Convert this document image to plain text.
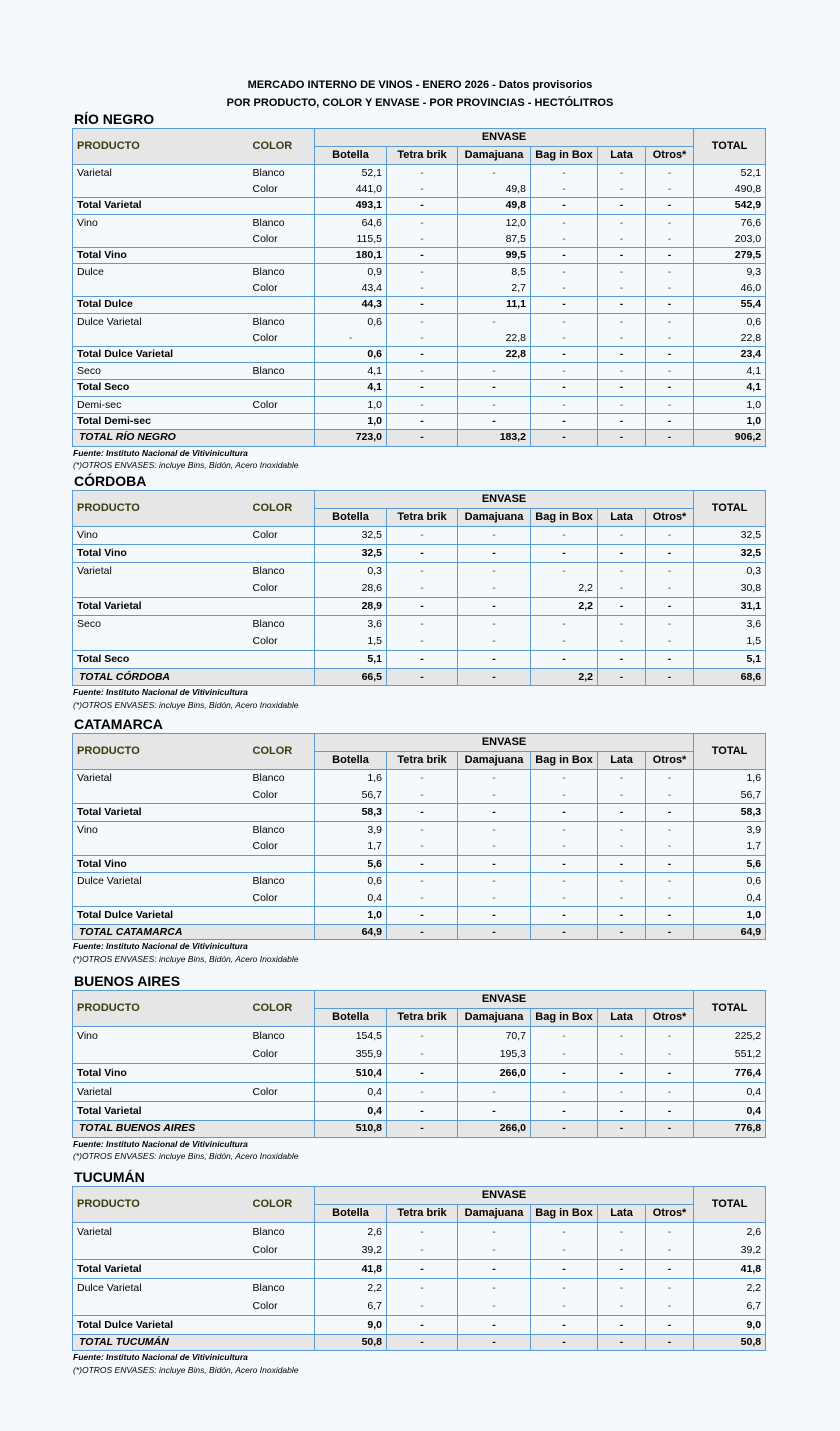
MERCADO INTERNO DE VINOS - ENERO 2026 - Datos provisorios
POR PRODUCTO, COLOR Y ENVASE - POR PROVINCIAS - HECTÓLITROS
RÍO NEGRO
PRODUCTO	COLOR	ENVASE						TOTAL
		Botella	Tetra brik	Damajuana	Bag in Box	Lata	Otros*	
Varietal	Blanco	52,1	-	-	-	-	-	52,1
	Color	441,0	-	49,8	-	-	-	490,8
Total Varietal		493,1	-	49,8	-	-	-	542,9
Vino	Blanco	64,6	-	12,0	-	-	-	76,6
	Color	115,5	-	87,5	-	-	-	203,0
Total Vino		180,1	-	99,5	-	-	-	279,5
Dulce	Blanco	0,9	-	8,5	-	-	-	9,3
	Color	43,4	-	2,7	-	-	-	46,0
Total Dulce		44,3	-	11,1	-	-	-	55,4
Dulce Varietal	Blanco	0,6	-	-	-	-	-	0,6
	Color	-	-	22,8	-	-	-	22,8
Total Dulce Varietal		0,6	-	22,8	-	-	-	23,4
Seco	Blanco	4,1	-	-	-	-	-	4,1
Total Seco		4,1	-	-	-	-	-	4,1
Demi-sec	Color	1,0	-	-	-	-	-	1,0
Total Demi-sec		1,0	-	-	-	-	-	1,0
TOTAL RÍO NEGRO		723,0	-	183,2	-	-	-	906,2
Fuente: Instituto Nacional de Vitivinicultura
(*)OTROS ENVASES: incluye Bins, Bidón, Acero Inoxidable
CÓRDOBA
PRODUCTO	COLOR	ENVASE						TOTAL
		Botella	Tetra brik	Damajuana	Bag in Box	Lata	Otros*	
Vino	Color	32,5	-	-	-	-	-	32,5
Total Vino		32,5	-	-	-	-	-	32,5
Varietal	Blanco	0,3	-	-	-	-	-	0,3
	Color	28,6	-	-	2,2	-	-	30,8
Total Varietal		28,9	-	-	2,2	-	-	31,1
Seco	Blanco	3,6	-	-	-	-	-	3,6
	Color	1,5	-	-	-	-	-	1,5
Total Seco		5,1	-	-	-	-	-	5,1
TOTAL CÓRDOBA		66,5	-	-	2,2	-	-	68,6
Fuente: Instituto Nacional de Vitivinicultura
(*)OTROS ENVASES: incluye Bins, Bidón, Acero Inoxidable
CATAMARCA
PRODUCTO	COLOR	ENVASE						TOTAL
		Botella	Tetra brik	Damajuana	Bag in Box	Lata	Otros*	
Varietal	Blanco	1,6	-	-	-	-	-	1,6
	Color	56,7	-	-	-	-	-	56,7
Total Varietal		58,3	-	-	-	-	-	58,3
Vino	Blanco	3,9	-	-	-	-	-	3,9
	Color	1,7	-	-	-	-	-	1,7
Total Vino		5,6	-	-	-	-	-	5,6
Dulce Varietal	Blanco	0,6	-	-	-	-	-	0,6
	Color	0,4	-	-	-	-	-	0,4
Total Dulce Varietal		1,0	-	-	-	-	-	1,0
TOTAL CATAMARCA		64,9	-	-	-	-	-	64,9
Fuente: Instituto Nacional de Vitivinicultura
(*)OTROS ENVASES: incluye Bins, Bidón, Acero Inoxidable
BUENOS AIRES
PRODUCTO	COLOR	ENVASE						TOTAL
		Botella	Tetra brik	Damajuana	Bag in Box	Lata	Otros*	
Vino	Blanco	154,5	-	70,7	-	-	-	225,2
	Color	355,9	-	195,3	-	-	-	551,2
Total Vino		510,4	-	266,0	-	-	-	776,4
Varietal	Color	0,4	-	-	-	-	-	0,4
Total Varietal		0,4	-	-	-	-	-	0,4
TOTAL BUENOS AIRES		510,8	-	266,0	-	-	-	776,8
Fuente: Instituto Nacional de Vitivinicultura
(*)OTROS ENVASES: incluye Bins, Bidón, Acero Inoxidable
TUCUMÁN
PRODUCTO	COLOR	ENVASE						TOTAL
		Botella	Tetra brik	Damajuana	Bag in Box	Lata	Otros*	
Varietal	Blanco	2,6	-	-	-	-	-	2,6
	Color	39,2	-	-	-	-	-	39,2
Total Varietal		41,8	-	-	-	-	-	41,8
Dulce Varietal	Blanco	2,2	-	-	-	-	-	2,2
	Color	6,7	-	-	-	-	-	6,7
Total Dulce Varietal		9,0	-	-	-	-	-	9,0
TOTAL TUCUMÁN		50,8	-	-	-	-	-	50,8
Fuente: Instituto Nacional de Vitivinicultura
(*)OTROS ENVASES: incluye Bins, Bidón, Acero Inoxidable
